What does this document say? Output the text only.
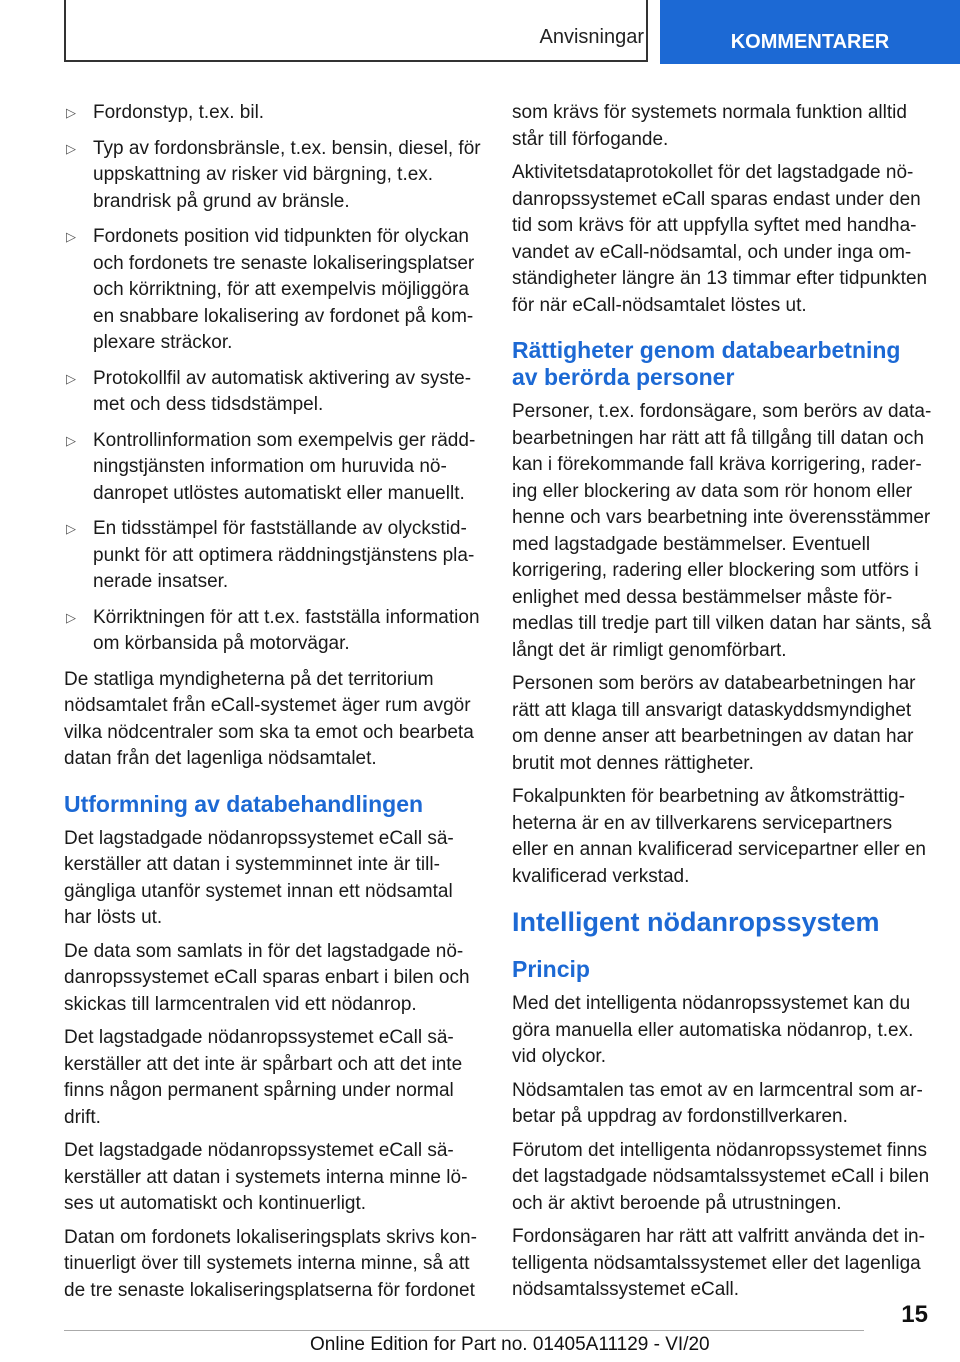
Anvisningar	KOMMENTARER
▷ Fordonstyp, t.ex. bil.
▷ Typ av fordonsbränsle, t.ex. bensin, diesel, för uppskattning av risker vid bärgning, t.ex. brandrisk på grund av bränsle.
▷ Fordonets position vid tidpunkten för olyckan och fordonets tre senaste lokaliseringsplatser och körriktning, för att exempelvis möjliggöra en snabbare lokalisering av fordonet på komplexare sträckor.
▷ Protokollfil av automatisk aktivering av systemet och dess tidsdstämpel.
▷ Kontrollinformation som exempelvis ger räddningstjänsten information om huruvida nödanropet utlöstes automatiskt eller manuellt.
▷ En tidsstämpel för fastställande av olyckstidpunkt för att optimera räddningstjänstens planerade insatser.
▷ Körriktningen för att t.ex. fastställa information om körbansida på motorvägar.

De statliga myndigheterna på det territorium nödsamtalet från eCall-systemet äger rum avgör vilka nödcentraler som ska ta emot och bearbeta datan från det lagenliga nödsamtalet.

Utformning av databehandlingen

Det lagstadgade nödanropssystemet eCall säkerställer att datan i systemminnet inte är tillgängliga utanför systemet innan ett nödsamtal har lösts ut.

De data som samlats in för det lagstadgade nödanropssystemet eCall sparas enbart i bilen och skickas till larmcentralen vid ett nödanrop.

Det lagstadgade nödanropssystemet eCall säkerställer att det inte är spårbart och att det inte finns någon permanent spårning under normal drift.

Det lagstadgade nödanropssystemet eCall säkerställer att datan i systemets interna minne löses ut automatiskt och kontinuerligt.

Datan om fordonets lokaliseringsplats skrivs kontinuerligt över till systemets interna minne, så att de tre senaste lokaliseringsplatserna för fordonet

som krävs för systemets normala funktion alltid står till förfogande.

Aktivitetsdataprotokollet för det lagstadgade nödanropssystemet eCall sparas endast under den tid som krävs för att uppfylla syftet med handhavandet av eCall-nödsamtal, och under inga omständigheter längre än 13 timmar efter tidpunkten för när eCall-nödsamtalet löstes ut.

Rättigheter genom databearbetning av berörda personer

Personer, t.ex. fordonsägare, som berörs av databearbetningen har rätt att få tillgång till datan och kan i förekommande fall kräva korrigering, radering eller blockering av data som rör honom eller henne och vars bearbetning inte överensstämmer med lagstadgade bestämmelser. Eventuell korrigering, radering eller blockering som utförs i enlighet med dessa bestämmelser måste förmedlas till tredje part till vilken datan har sänts, så långt det är rimligt genomförbart.

Personen som berörs av databearbetningen har rätt att klaga till ansvarigt dataskyddsmyndighet om denne anser att bearbetningen av datan har brutit mot dennes rättigheter.

Fokalpunkten för bearbetning av åtkomsträttigheterna är en av tillverkarens servicepartners eller en annan kvalificerad servicepartner eller en kvalificerad verkstad.

Intelligent nödanropssystem
Princip

Med det intelligenta nödanropssystemet kan du göra manuella eller automatiska nödanrop, t.ex. vid olyckor.

Nödsamtalen tas emot av en larmcentral som arbetar på uppdrag av fordonstillverkaren.

Förutom det intelligenta nödanropssystemet finns det lagstadgade nödsamtalssystemet eCall i bilen och är aktivt beroende på utrustningen.

Fordonsägaren har rätt att valfritt använda det intelligenta nödsamtalssystemet eller det lagenliga nödsamtalssystemet eCall.

15
Online Edition for Part no. 01405A11129 - VI/20
